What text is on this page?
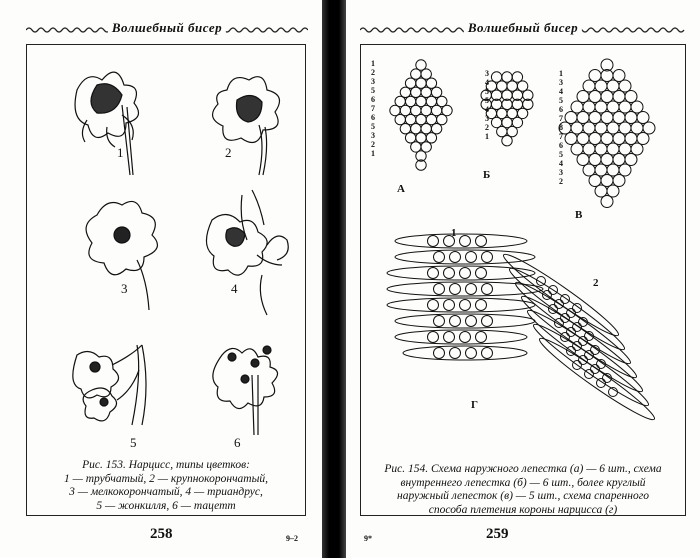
Волшебный бисер
1	2
3	4
5	6
Рис. 153. Нарцисс, типы цветков:
1 — трубчатый, 2 — крупнокорончатый,
3 — мелкокорончатый, 4 — триандрус,
5 — жонкилля, 6 — тацетт
258	9–2
Волшебный бисер
1
2
3
5
6
7
6
5
3
2
1
3
4
5
5
4
3
2
1
1
3
4
5
6
7
8
7
6
5
4
3
2
А
Б
В
Г
1
2
Рис. 154. Схема наружного лепестка (а) — 6 шт., схема
внутреннего лепестка (б) — 6 шт., более круглый
наружный лепесток (в) — 5 шт., схема спаренного
способа плетения короны нарцисса (г)
259
9*
